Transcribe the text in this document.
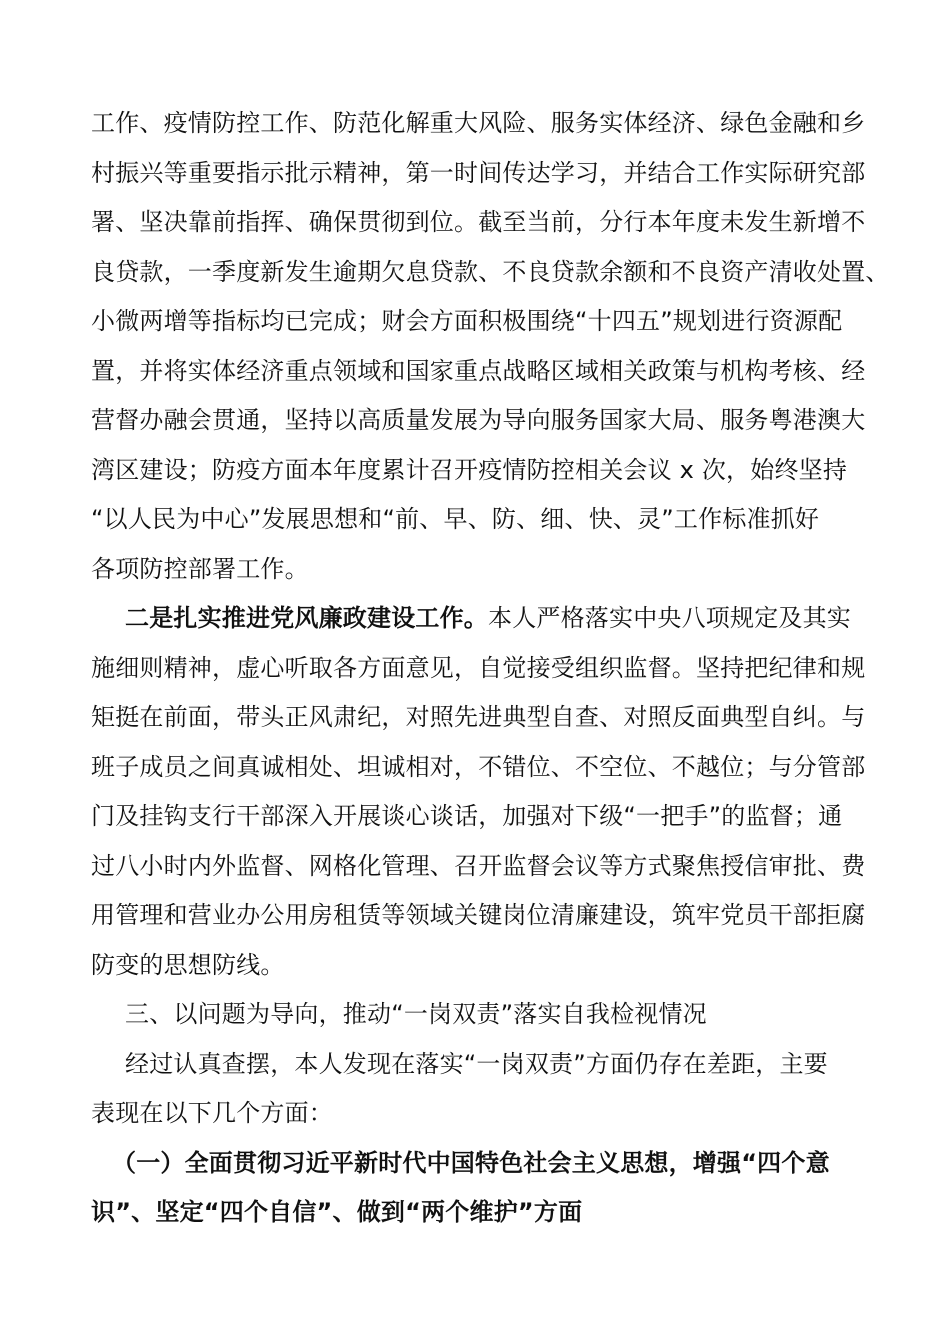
工作、疫情防控工作、防范化解重大风险、服务实体经济、绿色金融和乡
村振兴等重要指示批示精神，第一时间传达学习，并结合工作实际研究部
署、坚决靠前指挥、确保贯彻到位。截至当前，分行本年度未发生新增不
良贷款，一季度新发生逾期欠息贷款、不良贷款余额和不良资产清收处置、
小微两增等指标均已完成；财会方面积极围绕“十四五”规划进行资源配
置，并将实体经济重点领域和国家重点战略区域相关政策与机构考核、经
营督办融会贯通，坚持以高质量发展为导向服务国家大局、服务粤港澳大
湾区建设；防疫方面本年度累计召开疫情防控相关会议 x 次，始终坚持
“以人民为中心”发展思想和“前、早、防、细、快、灵”工作标准抓好
各项防控部署工作。
二是扎实推进党风廉政建设工作。本人严格落实中央八项规定及其实
施细则精神，虚心听取各方面意见，自觉接受组织监督。坚持把纪律和规
矩挺在前面，带头正风肃纪，对照先进典型自查、对照反面典型自纠。与
班子成员之间真诚相处、坦诚相对，不错位、不空位、不越位；与分管部
门及挂钩支行干部深入开展谈心谈话，加强对下级“一把手”的监督；通
过八小时内外监督、网格化管理、召开监督会议等方式聚焦授信审批、费
用管理和营业办公用房租赁等领域关键岗位清廉建设，筑牢党员干部拒腐
防变的思想防线。
三、以问题为导向，推动“一岗双责”落实自我检视情况
经过认真查摆，本人发现在落实“一岗双责”方面仍存在差距，主要
表现在以下几个方面：
（一）全面贯彻习近平新时代中国特色社会主义思想，增强“四个意
识”、坚定“四个自信”、做到“两个维护”方面
